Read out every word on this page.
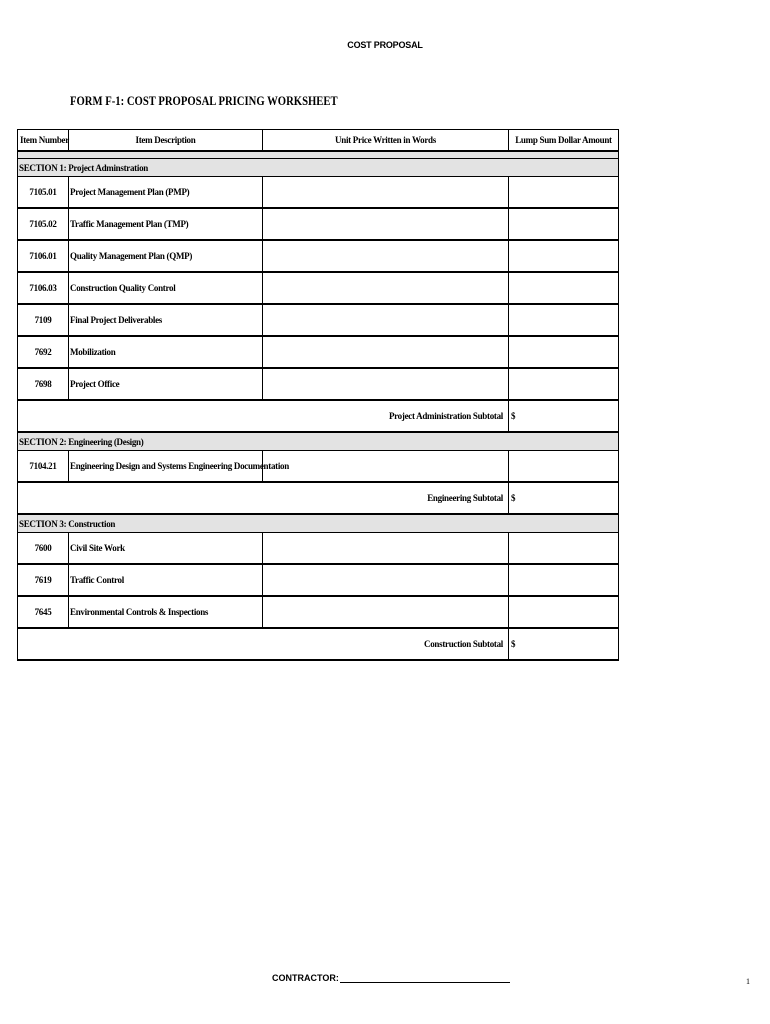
COST PROPOSAL
FORM F-1: COST PROPOSAL PRICING WORKSHEET
Item Number	Item Description	Unit Price Written in Words	Lump Sum Dollar Amount

SECTION 1: Project Adminstration			
7105.01	Project Management Plan (PMP)		
7105.02	Traffic Management Plan (TMP)		
7106.01	Quality Management Plan (QMP)		
7106.03	Construction Quality Control		
7109	Final Project Deliverables		
7692	Mobilization		
7698	Project Office		
Project Administration Subtotal			$
SECTION 2: Engineering (Design)			
7104.21	Engineering Design and Systems Engineering Documentation		
Engineering Subtotal			$
SECTION 3: Construction			
7600	Civil Site Work		
7619	Traffic Control		
7645	Environmental Controls & Inspections		
Construction Subtotal			$
CONTRACTOR:	1
